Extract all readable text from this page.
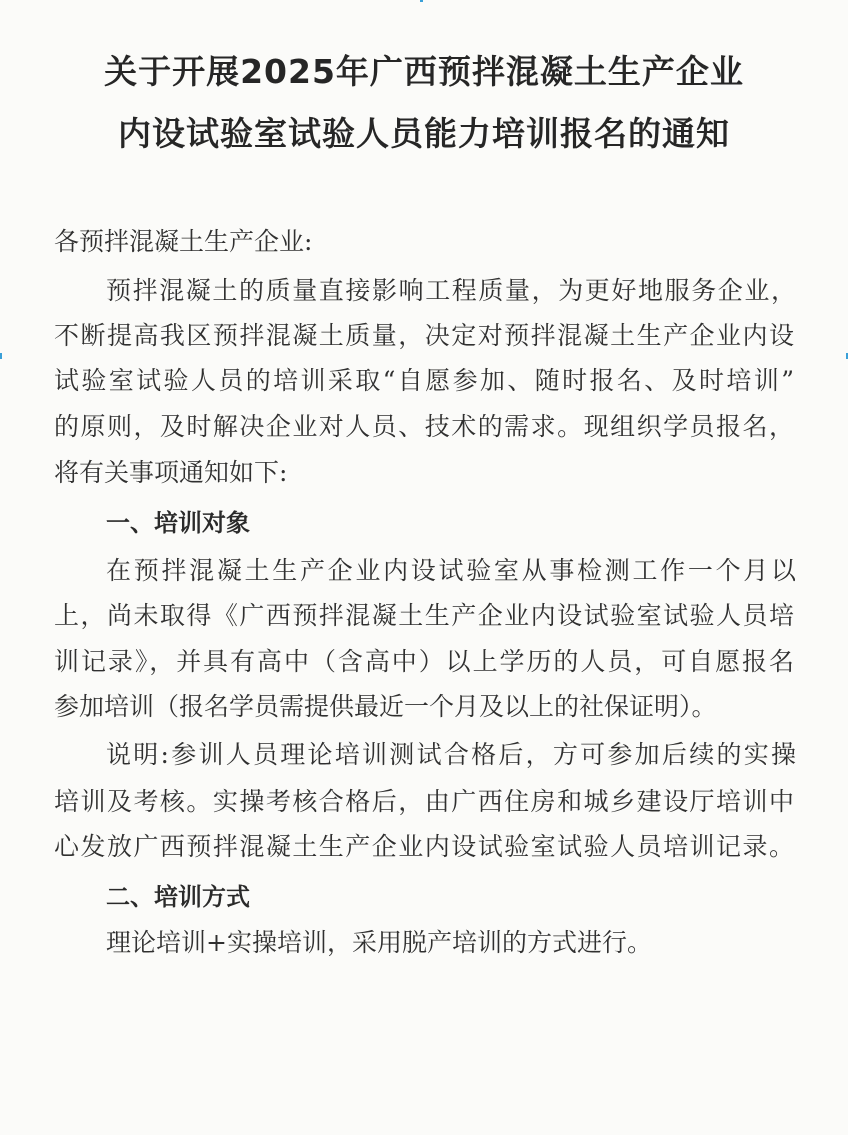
关于开展2025年广西预拌混凝土生产企业
内设试验室试验人员能力培训报名的通知
各预拌混凝土生产企业:
预拌混凝土的质量直接影响工程质量，为更好地服务企业，
不断提高我区预拌混凝土质量，决定对预拌混凝土生产企业内设
试验室试验人员的培训采取“自愿参加、随时报名、及时培训”
的原则，及时解决企业对人员、技术的需求。现组织学员报名，
将有关事项通知如下:
一、培训对象
在预拌混凝土生产企业内设试验室从事检测工作一个月以
上，尚未取得《广西预拌混凝土生产企业内设试验室试验人员培
训记录》，并具有高中（含高中）以上学历的人员，可自愿报名
参加培训（报名学员需提供最近一个月及以上的社保证明）。
说明:参训人员理论培训测试合格后，方可参加后续的实操
培训及考核。实操考核合格后，由广西住房和城乡建设厅培训中
心发放广西预拌混凝土生产企业内设试验室试验人员培训记录。
二、培训方式
理论培训+实操培训，采用脱产培训的方式进行。
